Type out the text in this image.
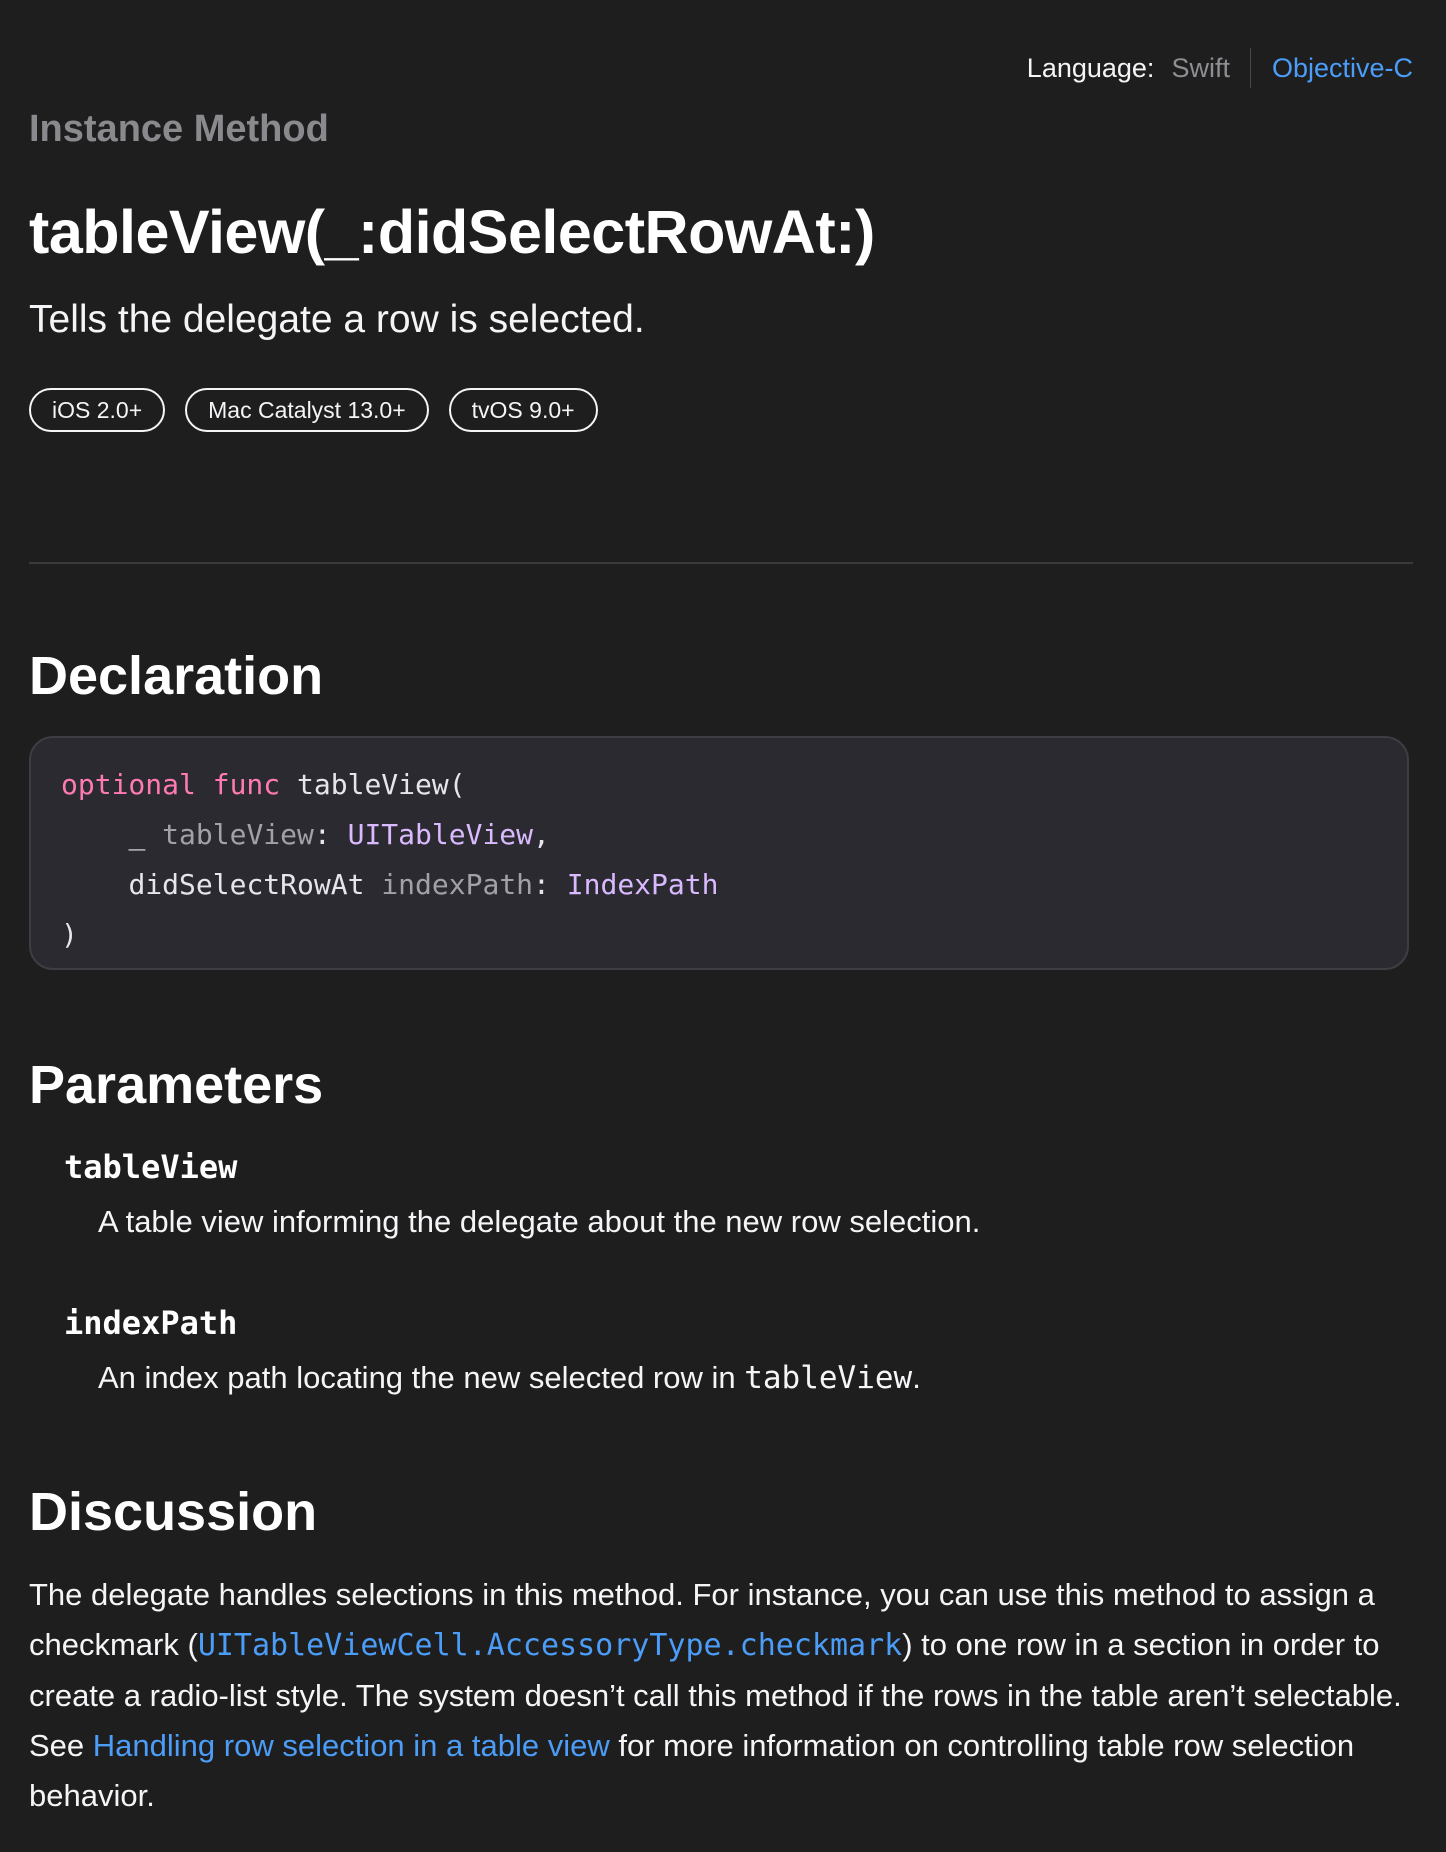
Language: Swift Objective-C
Instance Method
tableView(_:didSelectRowAt:)
Tells the delegate a row is selected.
iOS 2.0+	Mac Catalyst 13.0+	tvOS 9.0+
Declaration
optional func tableView(
_ tableView: UITableView,
didSelectRowAt indexPath: IndexPath
)
Parameters
tableView
A table view informing the delegate about the new row selection.
indexPath
An index path locating the new selected row in tableView.
Discussion

The delegate handles selections in this method. For instance, you can use this method to assign a checkmark (UITableViewCell.AccessoryType.checkmark) to one row in a section in order to create a radio-list style. The system doesn’t call this method if the rows in the table aren’t selectable. See Handling row selection in a table view for more information on controlling table row selection behavior.
